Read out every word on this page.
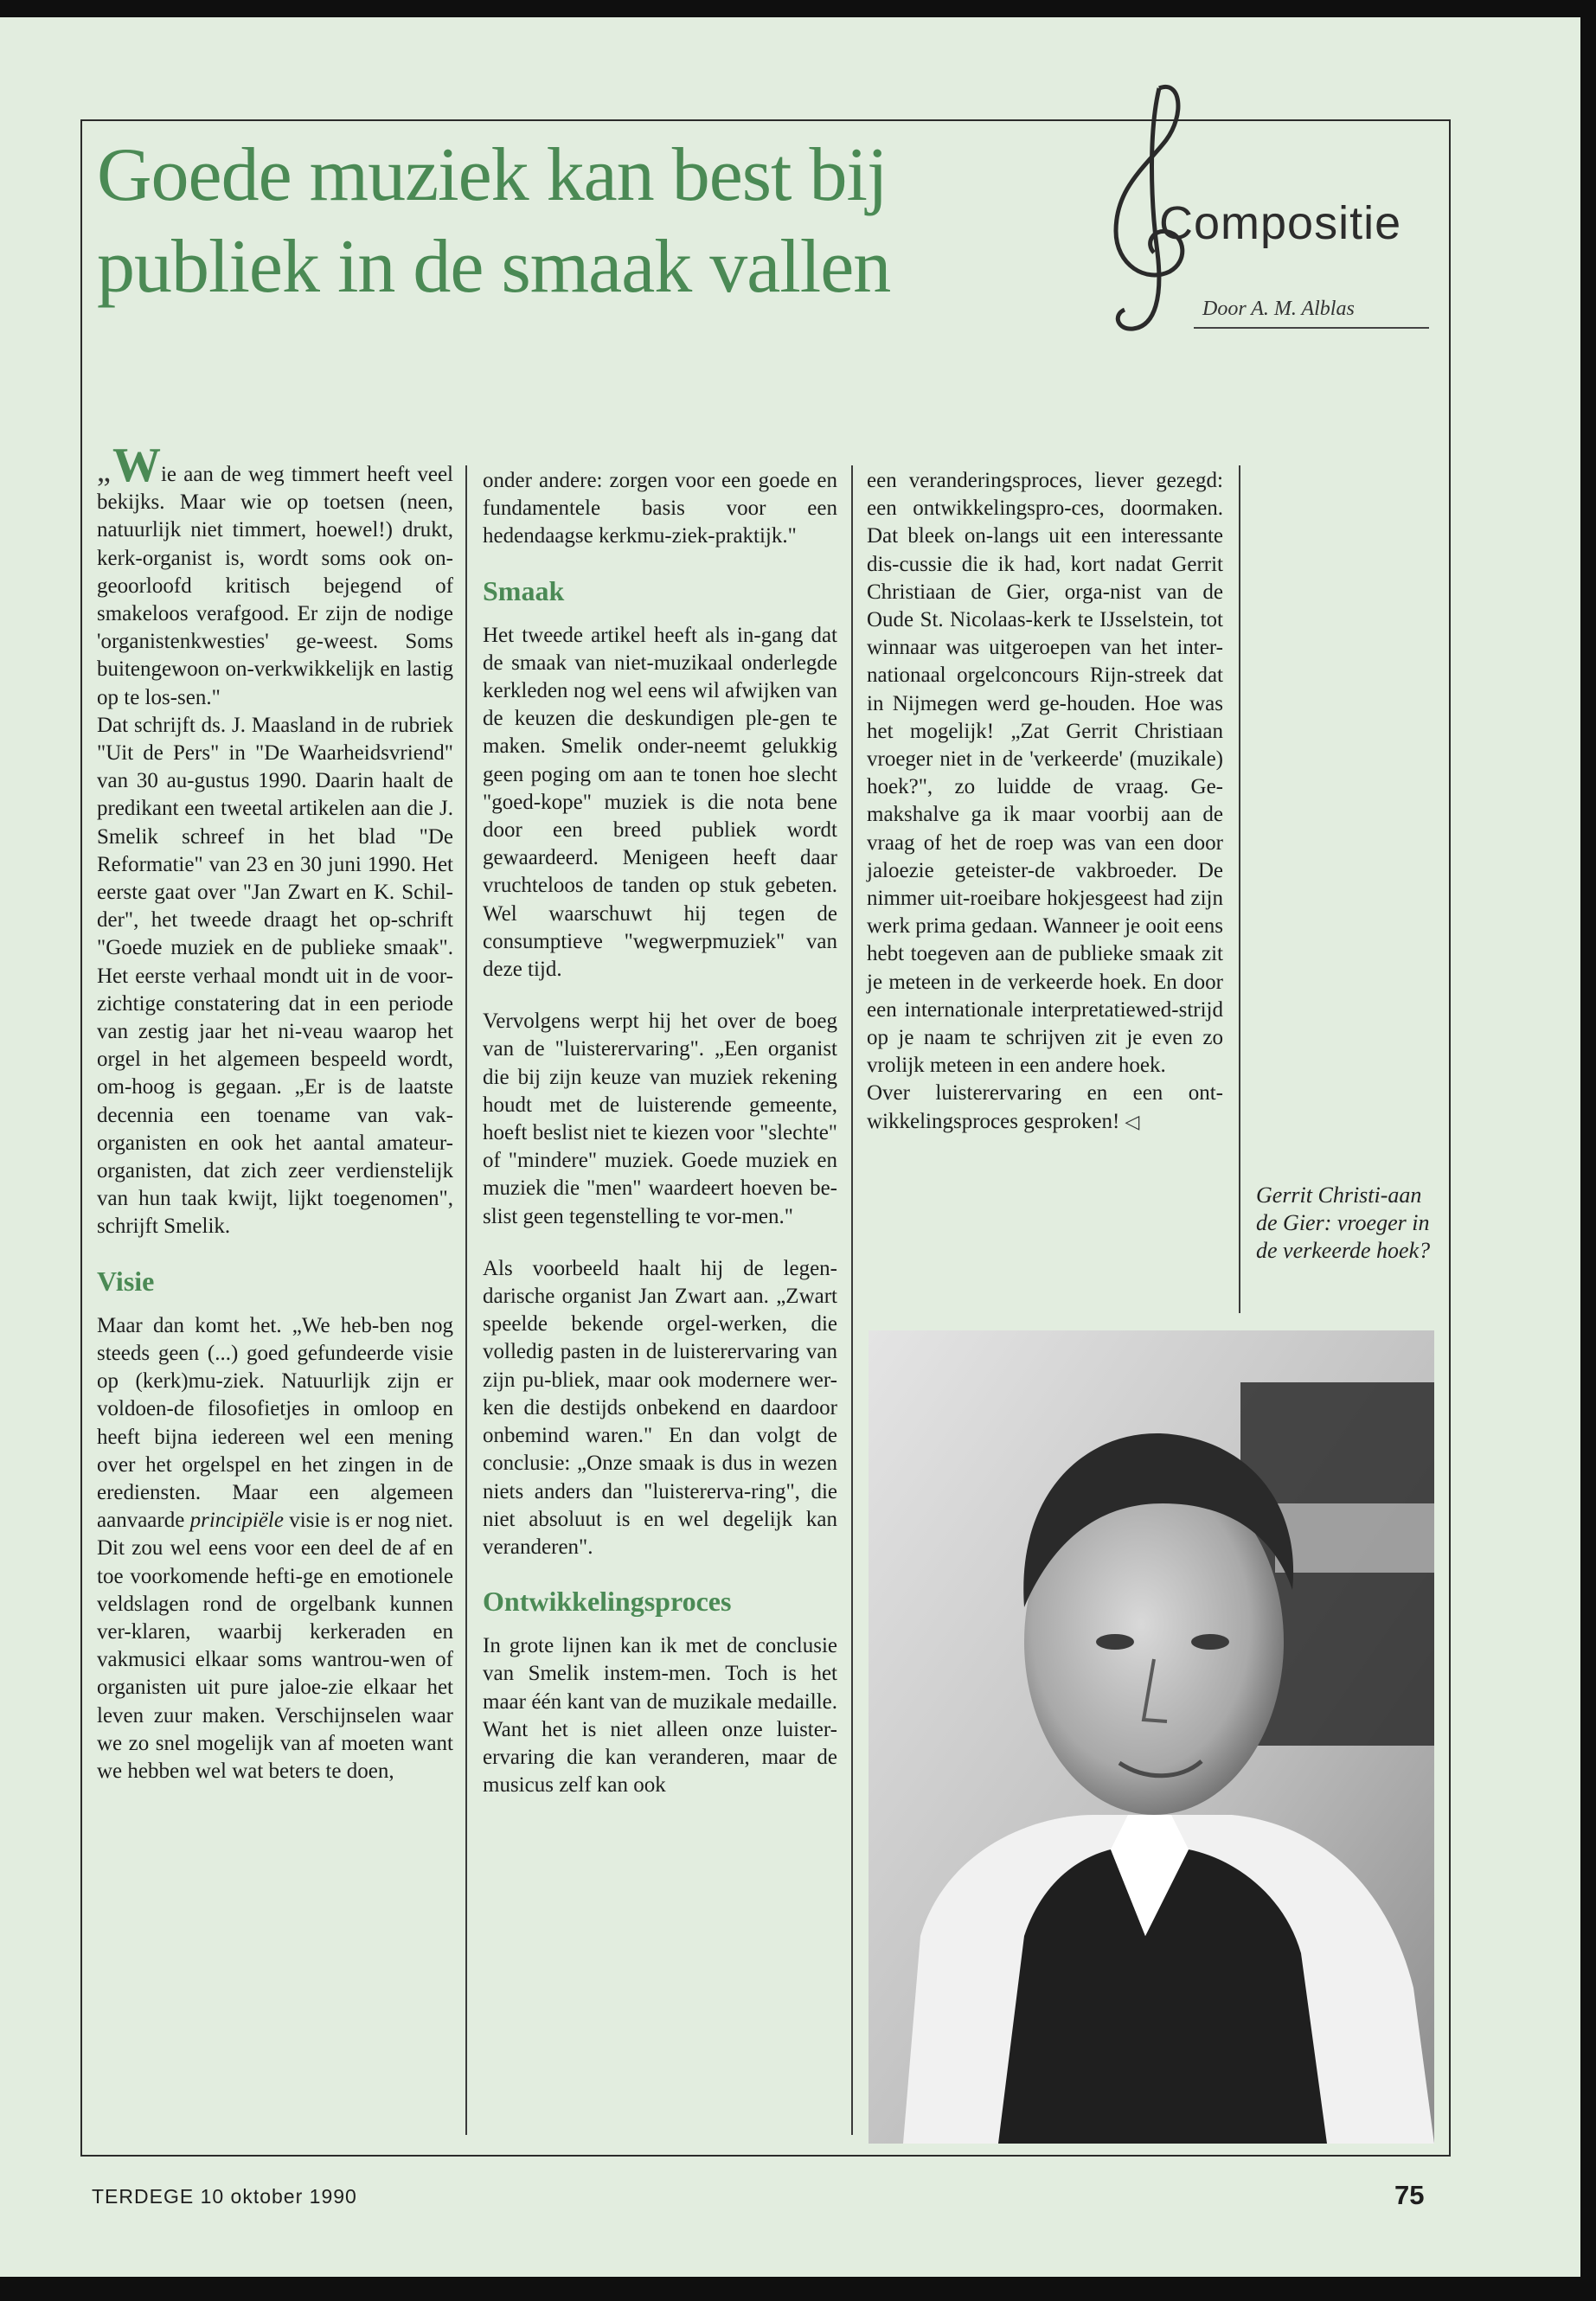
Goede muziek kan best bij publiek in de smaak vallen
Compositie
Door A. M. Alblas

„Wie aan de weg timmert heeft veel bekijks. Maar wie op toetsen (neen, natuurlijk niet timmert, hoewel!) drukt, kerk-organist is, wordt soms ook on-geoorloofd kritisch bejegend of smakeloos verafgood. Er zijn de nodige 'organistenkwesties' ge-weest. Soms buitengewoon on-verkwikkelijk en lastig op te los-sen."

Dat schrijft ds. J. Maasland in de rubriek "Uit de Pers" in "De Waarheidsvriend" van 30 au-gustus 1990. Daarin haalt de predikant een tweetal artikelen aan die J. Smelik schreef in het blad "De Reformatie" van 23 en 30 juni 1990. Het eerste gaat over "Jan Zwart en K. Schil-der", het tweede draagt het op-schrift "Goede muziek en de publieke smaak". Het eerste verhaal mondt uit in de voor-zichtige constatering dat in een periode van zestig jaar het ni-veau waarop het orgel in het algemeen bespeeld wordt, om-hoog is gegaan. „Er is de laatste decennia een toename van vak-organisten en ook het aantal amateur-organisten, dat zich zeer verdienstelijk van hun taak kwijt, lijkt toegenomen", schrijft Smelik.

Visie

Maar dan komt het. „We heb-ben nog steeds geen (...) goed gefundeerde visie op (kerk)mu-ziek. Natuurlijk zijn er voldoen-de filosofietjes in omloop en heeft bijna iedereen wel een mening over het orgelspel en het zingen in de erediensten. Maar een algemeen aanvaarde principiële visie is er nog niet. Dit zou wel eens voor een deel de af en toe voorkomende hefti-ge en emotionele veldslagen rond de orgelbank kunnen ver-klaren, waarbij kerkeraden en vakmusici elkaar soms wantrou-wen of organisten uit pure jaloe-zie elkaar het leven zuur maken. Verschijnselen waar we zo snel mogelijk van af moeten want we hebben wel wat beters te doen,

onder andere: zorgen voor een goede en fundamentele basis voor een hedendaagse kerkmu-ziek-praktijk."

Smaak

Het tweede artikel heeft als in-gang dat de smaak van niet-muzikaal onderlegde kerkleden nog wel eens wil afwijken van de keuzen die deskundigen ple-gen te maken. Smelik onder-neemt gelukkig geen poging om aan te tonen hoe slecht "goed-kope" muziek is die nota bene door een breed publiek wordt gewaardeerd. Menigeen heeft daar vruchteloos de tanden op stuk gebeten. Wel waarschuwt hij tegen de consumptieve "wegwerpmuziek" van deze tijd.

Vervolgens werpt hij het over de boeg van de "luisterervaring". „Een organist die bij zijn keuze van muziek rekening houdt met de luisterende gemeente, hoeft beslist niet te kiezen voor "slechte" of "mindere" muziek. Goede muziek en muziek die "men" waardeert hoeven be-slist geen tegenstelling te vor-men."

Als voorbeeld haalt hij de legen-darische organist Jan Zwart aan. „Zwart speelde bekende orgel-werken, die volledig pasten in de luisterervaring van zijn pu-bliek, maar ook modernere wer-ken die destijds onbekend en daardoor onbemind waren." En dan volgt de conclusie: „Onze smaak is dus in wezen niets anders dan "luistererva-ring", die niet absoluut is en wel degelijk kan veranderen".

Ontwikkelingsproces

In grote lijnen kan ik met de conclusie van Smelik instem-men. Toch is het maar één kant van de muzikale medaille. Want het is niet alleen onze luister-ervaring die kan veranderen, maar de musicus zelf kan ook

een veranderingsproces, liever gezegd: een ontwikkelingspro-ces, doormaken. Dat bleek on-langs uit een interessante dis-cussie die ik had, kort nadat Gerrit Christiaan de Gier, orga-nist van de Oude St. Nicolaas-kerk te IJsselstein, tot winnaar was uitgeroepen van het inter-nationaal orgelconcours Rijn-streek dat in Nijmegen werd ge-houden. Hoe was het mogelijk! „Zat Gerrit Christiaan vroeger niet in de 'verkeerde' (muzikale) hoek?", zo luidde de vraag. Ge-makshalve ga ik maar voorbij aan de vraag of het de roep was van een door jaloezie geteister-de vakbroeder. De nimmer uit-roeibare hokjesgeest had zijn werk prima gedaan. Wanneer je ooit eens hebt toegeven aan de publieke smaak zit je meteen in de verkeerde hoek. En door een internationale interpretatiewed-strijd op je naam te schrijven zit je even zo vrolijk meteen in een andere hoek.

Over luisterervaring en een ont-wikkelingsproces gesproken! ◁

Gerrit Christi-aan de Gier: vroeger in de verkeerde hoek?
TERDEGE 10 oktober 1990	75
